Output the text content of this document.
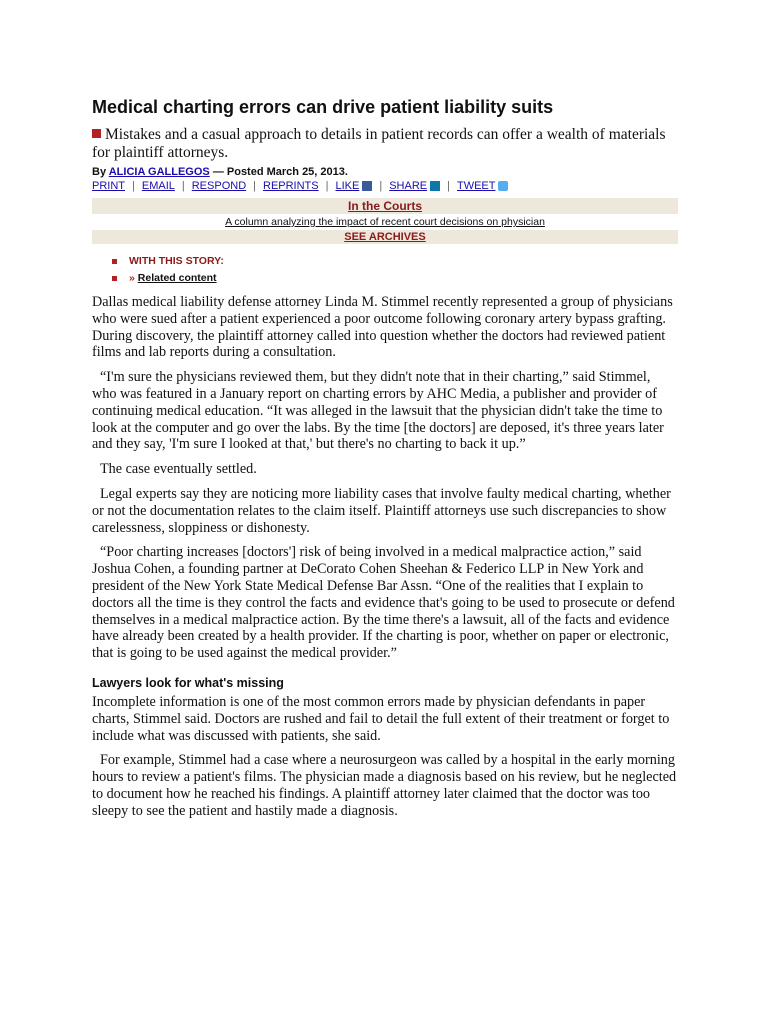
Medical charting errors can drive patient liability suits

Mistakes and a casual approach to details in patient records can offer a wealth of materials for plaintiff attorneys.

By ALICIA GALLEGOS — Posted March 25, 2013.
PRINT | EMAIL | RESPOND | REPRINTS | LIKE | SHARE | TWEET
In the Courts
A column analyzing the impact of recent court decisions on physician
SEE ARCHIVES
WITH THIS STORY:
» Related content

Dallas medical liability defense attorney Linda M. Stimmel recently represented a group of physicians who were sued after a patient experienced a poor outcome following coronary artery bypass grafting. During discovery, the plaintiff attorney called into question whether the doctors had reviewed patient films and lab reports during a consultation.

“I'm sure the physicians reviewed them, but they didn't note that in their charting,” said Stimmel, who was featured in a January report on charting errors by AHC Media, a publisher and provider of continuing medical education. “It was alleged in the lawsuit that the physician didn't take the time to look at the computer and go over the labs. By the time [the doctors] are deposed, it's three years later and they say, 'I'm sure I looked at that,' but there's no charting to back it up.”

The case eventually settled.

Legal experts say they are noticing more liability cases that involve faulty medical charting, whether or not the documentation relates to the claim itself. Plaintiff attorneys use such discrepancies to show carelessness, sloppiness or dishonesty.

“Poor charting increases [doctors'] risk of being involved in a medical malpractice action,” said Joshua Cohen, a founding partner at DeCorato Cohen Sheehan & Federico LLP in New York and president of the New York State Medical Defense Bar Assn. “One of the realities that I explain to doctors all the time is they control the facts and evidence that's going to be used to prosecute or defend themselves in a medical malpractice action. By the time there's a lawsuit, all of the facts and evidence have already been created by a health provider. If the charting is poor, whether on paper or electronic, that is going to be used against the medical provider.”

Lawyers look for what's missing

Incomplete information is one of the most common errors made by physician defendants in paper charts, Stimmel said. Doctors are rushed and fail to detail the full extent of their treatment or forget to include what was discussed with patients, she said.

For example, Stimmel had a case where a neurosurgeon was called by a hospital in the early morning hours to review a patient's films. The physician made a diagnosis based on his review, but he neglected to document how he reached his findings. A plaintiff attorney later claimed that the doctor was too sleepy to see the patient and hastily made a diagnosis.
